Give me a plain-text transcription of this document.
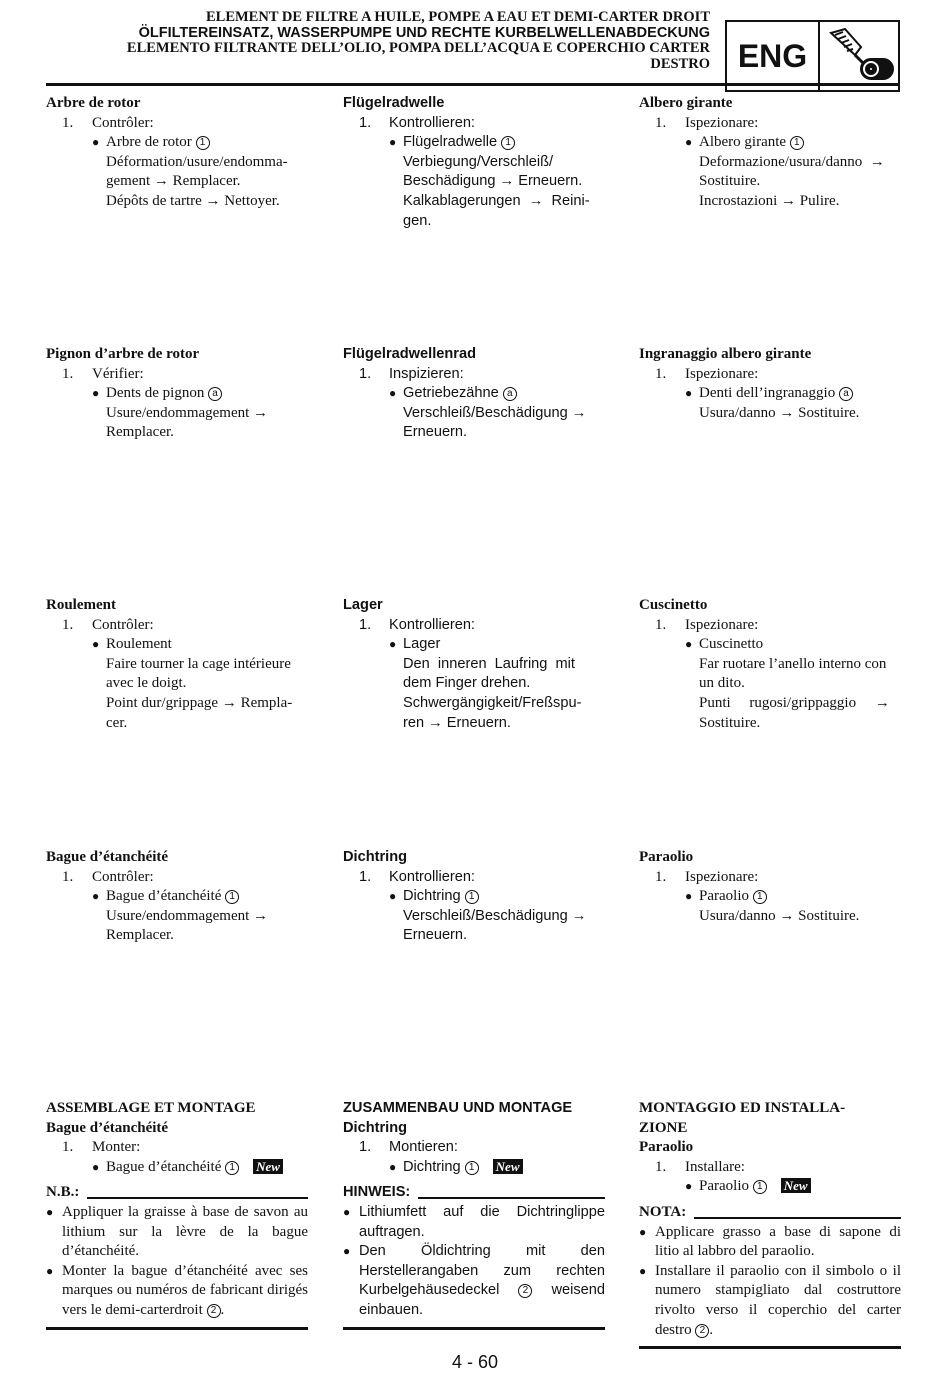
ELEMENT DE FILTRE A HUILE, POMPE A EAU ET DEMI-CARTER DROIT
ÖLFILTEREINSATZ, WASSERPUMPE UND RECHTE KURBELWELLENABDECKUNG
ELEMENTO FILTRANTE DELL’OLIO, POMPA DELL’ACQUA E COPERCHIO CARTER
DESTRO ENG
Arbre de rotor
1. Contrôler:
● Arbre de rotor 1
Déformation/usure/endomma-
gement → Remplacer.
Dépôts de tartre → Nettoyer.
Flügelradwelle
1. Kontrollieren:
● Flügelradwelle 1
Verbiegung/Verschleiß/
Beschädigung → Erneuern.
Kalkablagerungen  →  Reini-
gen.
Albero girante
1. Ispezionare:
● Albero girante 1
Deformazione/usura/danno  →
Sostituire.
Incrostazioni → Pulire.
Pignon d’arbre de rotor
1. Vérifier:
● Dents de pignon a
Usure/endommagement →
Remplacer.
Flügelradwellenrad
1. Inspizieren:
● Getriebezähne a
Verschleiß/Beschädigung →
Erneuern.
Ingranaggio albero girante
1. Ispezionare:
● Denti dell’ingranaggio a
Usura/danno → Sostituire.
Roulement
1. Contrôler:
● Roulement
Faire tourner la cage intérieure
avec le doigt.
Point dur/grippage → Rempla-
cer.
Lager
1. Kontrollieren:
● Lager
Den  inneren  Laufring  mit
dem Finger drehen.
Schwergängigkeit/Freßspu-
ren → Erneuern.
Cuscinetto
1. Ispezionare:
● Cuscinetto
Far ruotare l’anello interno con
un dito.
Punti     rugosi/grippaggio     →
Sostituire.
Bague d’étanchéité
1. Contrôler:
● Bague d’étanchéité 1
Usure/endommagement →
Remplacer.
Dichtring
1. Kontrollieren:
● Dichtring 1
Verschleiß/Beschädigung →
Erneuern.
Paraolio
1. Ispezionare:
● Paraolio 1
Usura/danno → Sostituire.
ASSEMBLAGE ET MONTAGE
Bague d’étanchéité
1. Monter:
● Bague d’étanchéité 1 New
N.B.:
● Appliquer la graisse à base de savon au lithium sur la lèvre de la bague d’étanchéité.
● Monter la bague d’étanchéité avec ses marques ou numéros de fabricant dirigés vers le demi-carterdroit 2 .
ZUSAMMENBAU UND MONTAGE
Dichtring
1. Montieren:
● Dichtring 1 New
HINWEIS:
● Lithiumfett auf die Dichtringlippe auftragen.
● Den Öldichtring mit den Herstellerangaben zum rechten Kurbelgehäusedeckel 2 weisend einbauen.
MONTAGGIO ED INSTALLA-
ZIONE
Paraolio
1. Installare:
● Paraolio 1 New
NOTA:
● Applicare grasso a base di sapone di litio al labbro del paraolio.
● Installare il paraolio con il simbolo o il numero stampigliato dal costruttore rivolto verso il coperchio del carter destro 2 .
4 - 60
